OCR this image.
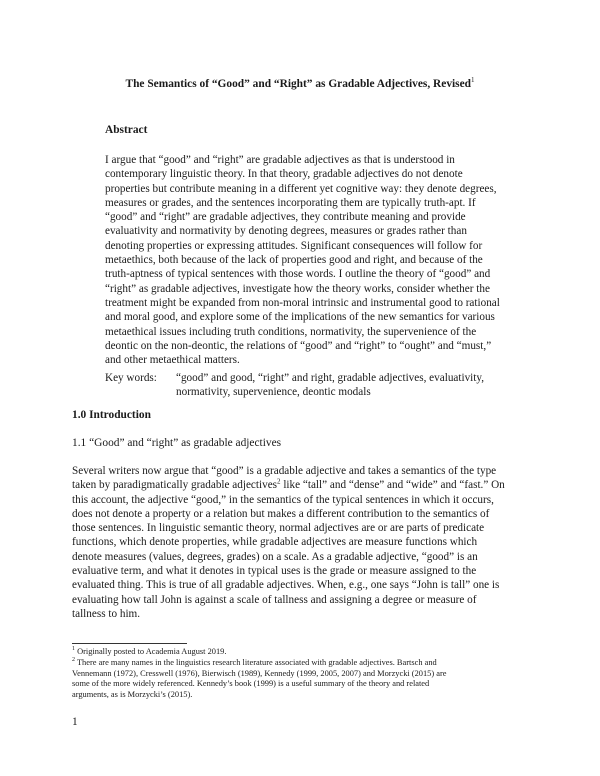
The Semantics of “Good” and “Right” as Gradable Adjectives, Revised$^1$
Abstract
I argue that “good” and “right” are gradable adjectives as that is understood in
contemporary linguistic theory. In that theory, gradable adjectives do not denote
properties but contribute meaning in a different yet cognitive way: they denote degrees,
measures or grades, and the sentences incorporating them are typically truth-apt. If
“good” and “right” are gradable adjectives, they contribute meaning and provide
evaluativity and normativity by denoting degrees, measures or grades rather than
denoting properties or expressing attitudes. Significant consequences will follow for
metaethics, both because of the lack of properties good and right, and because of the
truth-aptness of typical sentences with those words. I outline the theory of “good” and
“right” as gradable adjectives, investigate how the theory works, consider whether the
treatment might be expanded from non-moral intrinsic and instrumental good to rational
and moral good, and explore some of the implications of the new semantics for various
metaethical issues including truth conditions, normativity, the supervenience of the
deontic on the non-deontic, the relations of “good” and “right” to “ought” and “must,”
and other metaethical matters.
Key words: “good” and good, “right” and right, gradable adjectives, evaluativity,
normativity, supervenience, deontic modals
1.0 Introduction
1.1 “Good” and “right” as gradable adjectives
Several writers now argue that “good” is a gradable adjective and takes a semantics of the type
taken by paradigmatically gradable adjectives$^2$ like “tall” and “dense” and “wide” and “fast.” On
this account, the adjective “good,” in the semantics of the typical sentences in which it occurs,
does not denote a property or a relation but makes a different contribution to the semantics of
those sentences. In linguistic semantic theory, normal adjectives are or are parts of predicate
functions, which denote properties, while gradable adjectives are measure functions which
denote measures (values, degrees, grades) on a scale. As a gradable adjective, “good” is an
evaluative term, and what it denotes in typical uses is the grade or measure assigned to the
evaluated thing. This is true of all gradable adjectives. When, e.g., one says “John is tall” one is
evaluating how tall John is against a scale of tallness and assigning a degree or measure of
tallness to him.
$^1$ Originally posted to Academia August 2019.
$^2$ There are many names in the linguistics research literature associated with gradable adjectives. Bartsch and
Vennemann (1972), Cresswell (1976), Bierwisch (1989), Kennedy (1999, 2005, 2007) and Morzycki (2015) are
some of the more widely referenced. Kennedy’s book (1999) is a useful summary of the theory and related
arguments, as is Morzycki’s (2015).
1
